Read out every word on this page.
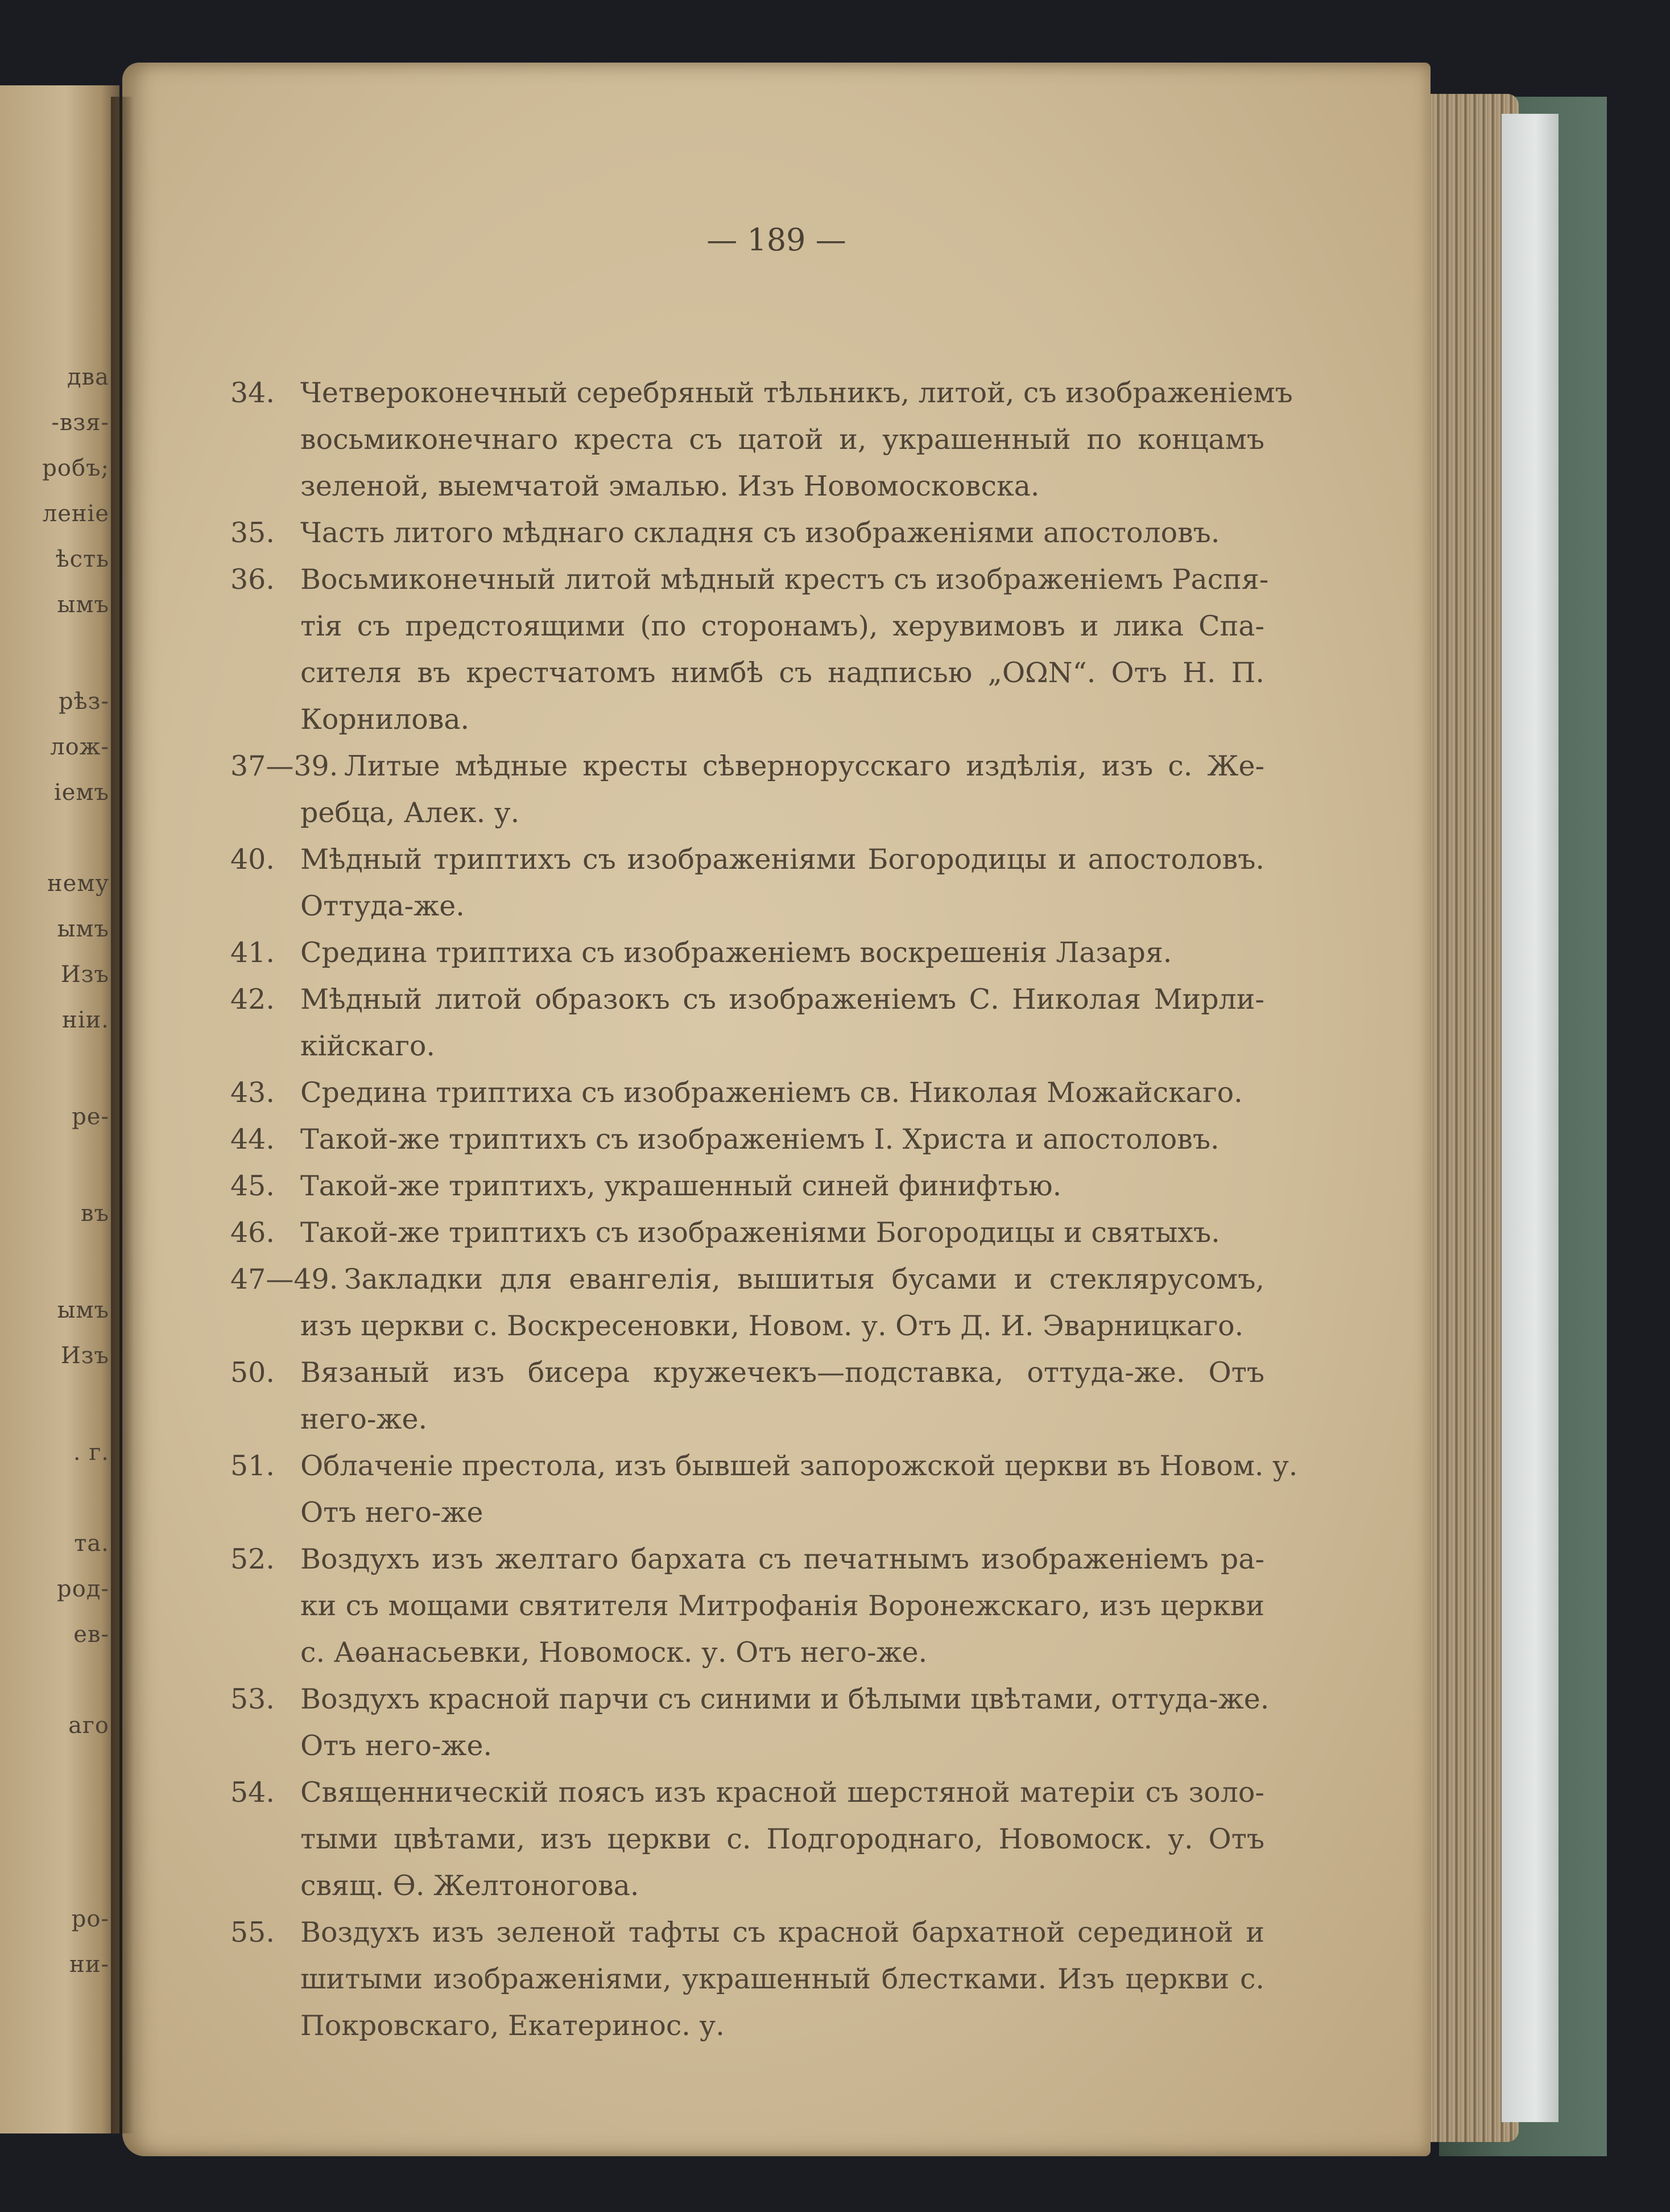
два
-взя-
робъ;
леніе
ѣсть
ымъ
рѣз-
лож-
іемъ
нему
ымъ
Изъ
ніи.
ре-
въ
ымъ
Изъ
. г.
та.
род-
ев-
аго
ро-
ни-
— 189 —
34. Четвероконечный серебряный тѣльникъ, литой, съ изображеніемъ
восьмиконечнаго креста съ цатой и, украшенный по концамъ
зеленой, выемчатой эмалью. Изъ Новомосковска.
35. Часть литого мѣднаго складня съ изображеніями апостоловъ.
36. Восьмиконечный литой мѣдный крестъ съ изображеніемъ Распя-
тія съ предстоящими (по сторонамъ), херувимовъ и лика Спа-
сителя въ крестчатомъ нимбѣ съ надписью „ΟΩΝ“. Отъ Н. П.
Корнилова.
37—39. Литые мѣдные кресты сѣвернорусскаго издѣлія, изъ с. Же-
ребца, Алек. у.
40. Мѣдный триптихъ съ изображеніями Богородицы и апостоловъ.
Оттуда-же.
41. Средина триптиха съ изображеніемъ воскрешенія Лазаря.
42. Мѣдный литой образокъ съ изображеніемъ С. Николая Мирли-
кійскаго.
43. Средина триптиха съ изображеніемъ св. Николая Можайскаго.
44. Такой-же триптихъ съ изображеніемъ І. Христа и апостоловъ.
45. Такой-же триптихъ, украшенный синей финифтью.
46. Такой-же триптихъ съ изображеніями Богородицы и святыхъ.
47—49. Закладки для евангелія, вышитыя бусами и стеклярусомъ,
изъ церкви с. Воскресеновки, Новом. у. Отъ Д. И. Эварницкаго.
50. Вязаный изъ бисера кружечекъ—подставка, оттуда-же. Отъ
него-же.
51. Облаченіе престола, изъ бывшей запорожской церкви въ Новом. у.
Отъ него-же
52. Воздухъ изъ желтаго бархата съ печатнымъ изображеніемъ ра-
ки съ мощами святителя Митрофанія Воронежскаго, изъ церкви
с. Аѳанасьевки, Новомоск. у. Отъ него-же.
53. Воздухъ красной парчи съ синими и бѣлыми цвѣтами, оттуда-же.
Отъ него-же.
54. Священническій поясъ изъ красной шерстяной матеріи съ золо-
тыми цвѣтами, изъ церкви с. Подгороднаго, Новомоск. у. Отъ
свящ. Ѳ. Желтоногова.
55. Воздухъ изъ зеленой тафты съ красной бархатной серединой и
шитыми изображеніями, украшенный блестками. Изъ церкви с.
Покровскаго, Екатеринос. у.
